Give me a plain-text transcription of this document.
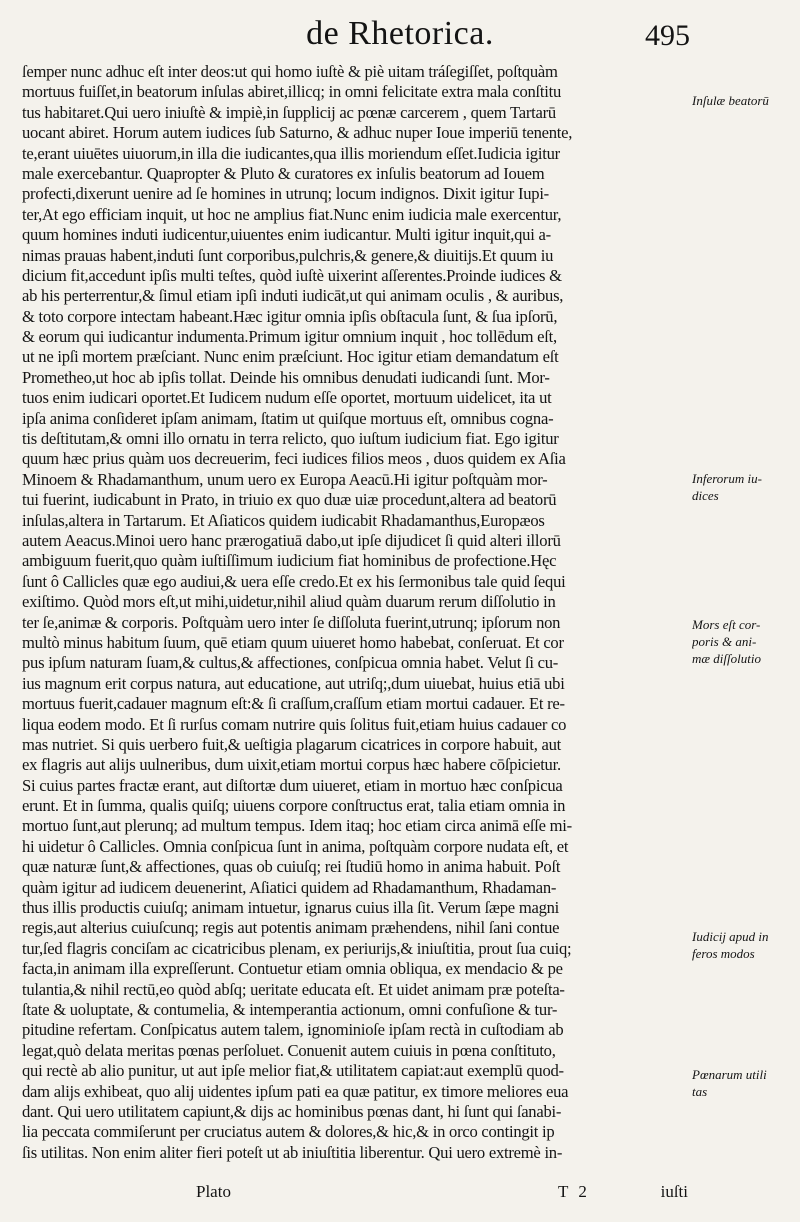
de Rhetorica.	495
ſemper nunc adhuc eſt inter deos:ut qui homo iuſtè & piè uitam tráſegiſſet, poſtquàm
mortuus fuiſſet,in beatorum inſulas abiret,illicq; in omni felicitate extra mala conſtitu
tus habitaret.Qui uero iniuſtè & impiè,in ſupplicij ac pœnæ carcerem , quem Tartarū
uocant abiret. Horum autem iudices ſub Saturno, & adhuc nuper Ioue imperiū tenente,
te,erant uiuētes uiuorum,in illa die iudicantes,qua illis moriendum eſſet.Iudicia igitur
male exercebantur. Quapropter & Pluto & curatores ex inſulis beatorum ad Iouem
profecti,dixerunt uenire ad ſe homines in utrunq; locum indignos. Dixit igitur Iupi-
ter,At ego efficiam inquit, ut hoc ne amplius fiat.Nunc enim iudicia male exercentur,
quum homines induti iudicentur,uiuentes enim iudicantur. Multi igitur inquit,qui a-
nimas prauas habent,induti ſunt corporibus,pulchris,& genere,& diuitijs.Et quum iu
dicium fit,accedunt ipſis multi teſtes, quòd iuſtè uixerint aſſerentes.Proinde iudices &
ab his perterrentur,& ſimul etiam ipſi induti iudicāt,ut qui animam oculis , & auribus,
& toto corpore intectam habeant.Hæc igitur omnia ipſis obſtacula ſunt, & ſua ipſorū,
& eorum qui iudicantur indumenta.Primum igitur omnium inquit , hoc tollēdum eſt,
ut ne ipſi mortem præſciant. Nunc enim præſciunt. Hoc igitur etiam demandatum eſt
Prometheo,ut hoc ab ipſis tollat. Deinde his omnibus denudati iudicandi ſunt. Mor-
tuos enim iudicari oportet.Et Iudicem nudum eſſe oportet, mortuum uidelicet, ita ut
ipſa anima conſideret ipſam animam, ſtatim ut quiſque mortuus eſt, omnibus cogna-
tis deſtitutam,& omni illo ornatu in terra relicto, quo iuſtum iudicium fiat. Ego igitur
quum hæc prius quàm uos decreuerim, feci iudices filios meos , duos quidem ex Aſia
Minoem & Rhadamanthum, unum uero ex Europa Aeacū.Hi igitur poſtquàm mor-
tui fuerint, iudicabunt in Prato, in triuio ex quo duæ uiæ procedunt,altera ad beatorū
inſulas,altera in Tartarum. Et Aſiaticos quidem iudicabit Rhadamanthus,Europæos
autem Aeacus.Minoi uero hanc prærogatiuā dabo,ut ipſe dijudicet ſi quid alteri illorū
ambiguum fuerit,quo quàm iuſtiſſimum iudicium fiat hominibus de profectione.Hęc
ſunt ô Callicles quæ ego audiui,& uera eſſe credo.Et ex his ſermonibus tale quid ſequi
exiſtimo. Quòd mors eſt,ut mihi,uidetur,nihil aliud quàm duarum rerum diſſolutio in
ter ſe,animæ & corporis. Poſtquàm uero inter ſe diſſoluta fuerint,utrunq; ipſorum non
multò minus habitum ſuum, quē etiam quum uiueret homo habebat, conſeruat. Et cor
pus ipſum naturam ſuam,& cultus,& affectiones, conſpicua omnia habet. Velut ſi cu-
ius magnum erit corpus natura, aut educatione, aut utriſq;,dum uiuebat, huius etiā ubi
mortuus fuerit,cadauer magnum eſt:& ſi craſſum,craſſum etiam mortui cadauer. Et re-
liqua eodem modo. Et ſi rurſus comam nutrire quis ſolitus fuit,etiam huius cadauer co
mas nutriet. Si quis uerbero fuit,& ueſtigia plagarum cicatrices in corpore habuit, aut
ex flagris aut alijs uulneribus, dum uixit,etiam mortui corpus hæc habere cōſpicietur.
Si cuius partes fractæ erant, aut diſtortæ dum uiueret, etiam in mortuo hæc conſpicua
erunt. Et in ſumma, qualis quiſq; uiuens corpore conſtructus erat, talia etiam omnia in
mortuo ſunt,aut plerunq; ad multum tempus. Idem itaq; hoc etiam circa animā eſſe mi-
hi uidetur ô Callicles. Omnia conſpicua ſunt in anima, poſtquàm corpore nudata eſt, et
quæ naturæ ſunt,& affectiones, quas ob cuiuſq; rei ſtudiū homo in anima habuit. Poſt
quàm igitur ad iudicem deuenerint, Aſiatici quidem ad Rhadamanthum, Rhadaman-
thus illis productis cuiuſq; animam intuetur, ignarus cuius illa ſit. Verum ſæpe magni
regis,aut alterius cuiuſcunq; regis aut potentis animam præhendens, nihil ſani contue
tur,ſed flagris conciſam ac cicatricibus plenam, ex periurijs,& iniuſtitia, prout ſua cuiq;
facta,in animam illa expreſſerunt. Contuetur etiam omnia obliqua, ex mendacio & pe
tulantia,& nihil rectū,eo quòd abſq; ueritate educata eſt. Et uidet animam præ poteſta-
ſtate & uoluptate, & contumelia, & intemperantia actionum, omni confuſione & tur-
pitudine refertam. Conſpicatus autem talem, ignominioſe ipſam rectà in cuſtodiam ab
legat,quò delata meritas pœnas perſoluet. Conuenit autem cuiuis in pœna conſtituto,
qui rectè ab alio punitur, ut aut ipſe melior fiat,& utilitatem capiat:aut exemplū quod-
dam alijs exhibeat, quo alij uidentes ipſum pati ea quæ patitur, ex timore meliores eua
dant. Qui uero utilitatem capiunt,& dijs ac hominibus pœnas dant, hi ſunt qui ſanabi-
lia peccata commiſerunt per cruciatus autem & dolores,& hic,& in orco contingit ip
ſis utilitas. Non enim aliter fieri poteſt ut ab iniuſtitia liberentur. Qui uero extremè in-
Inſulæ beatorū
Inferorum iu-
dices
Mors eſt cor-
poris & ani-
mæ diſſolutio
Iudicij apud in
feros modos
Pœnarum utili
tas
Plato	T 2	iuſti
